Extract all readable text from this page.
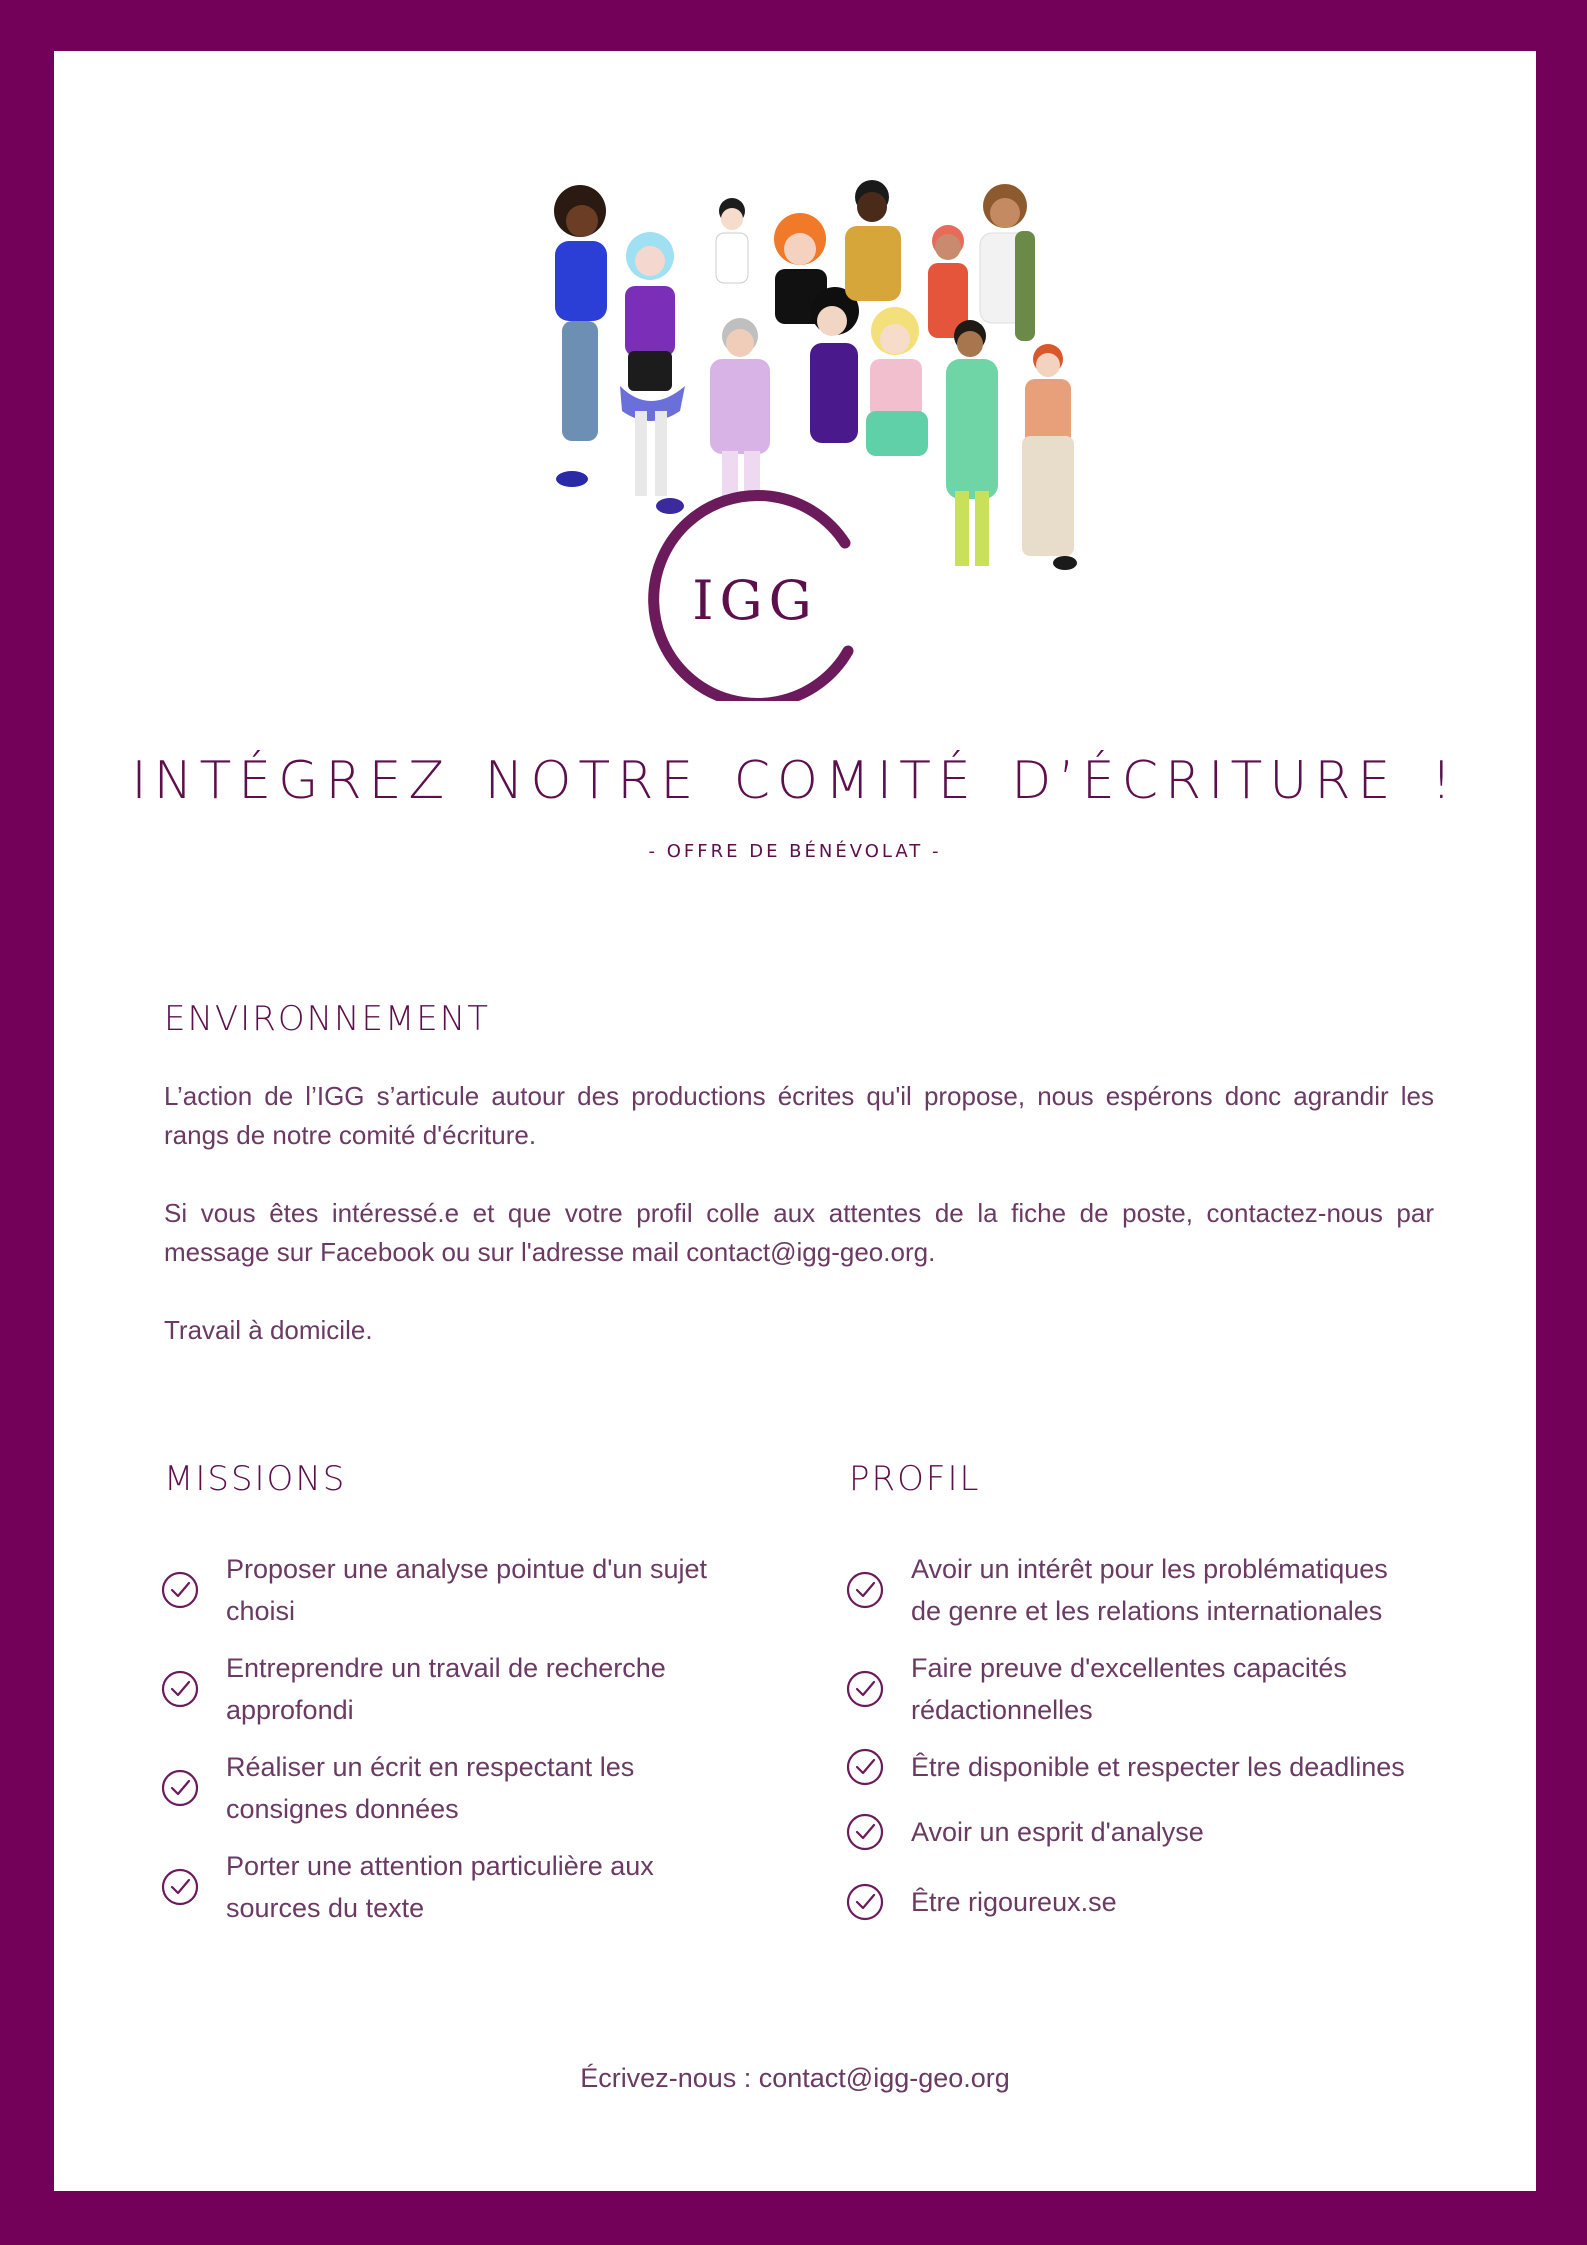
IGG
INTÉGREZ NOTRE COMITÉ D’ÉCRITURE !
- OFFRE DE BÉNÉVOLAT -
ENVIRONNEMENT

L’action de l’IGG s’articule autour des productions écrites qu'il propose, nous espérons donc agrandir les rangs de notre comité d'écriture.

Si vous êtes intéressé.e et que votre profil colle aux attentes de la fiche de poste, contactez-nous par message sur Facebook ou sur l'adresse mail contact@igg-geo.org.

Travail à domicile.

MISSIONS	PROFIL
Proposer une analyse pointue d'un sujet choisi
Entreprendre un travail de recherche approfondi
Réaliser un écrit en respectant les consignes données
Porter une attention particulière aux sources du texte
Avoir un intérêt pour les problématiques de genre et les relations internationales
Faire preuve d'excellentes capacités rédactionnelles
Être disponible et respecter les deadlines
Avoir un esprit d'analyse
Être rigoureux.se
Écrivez-nous : contact@igg-geo.org
